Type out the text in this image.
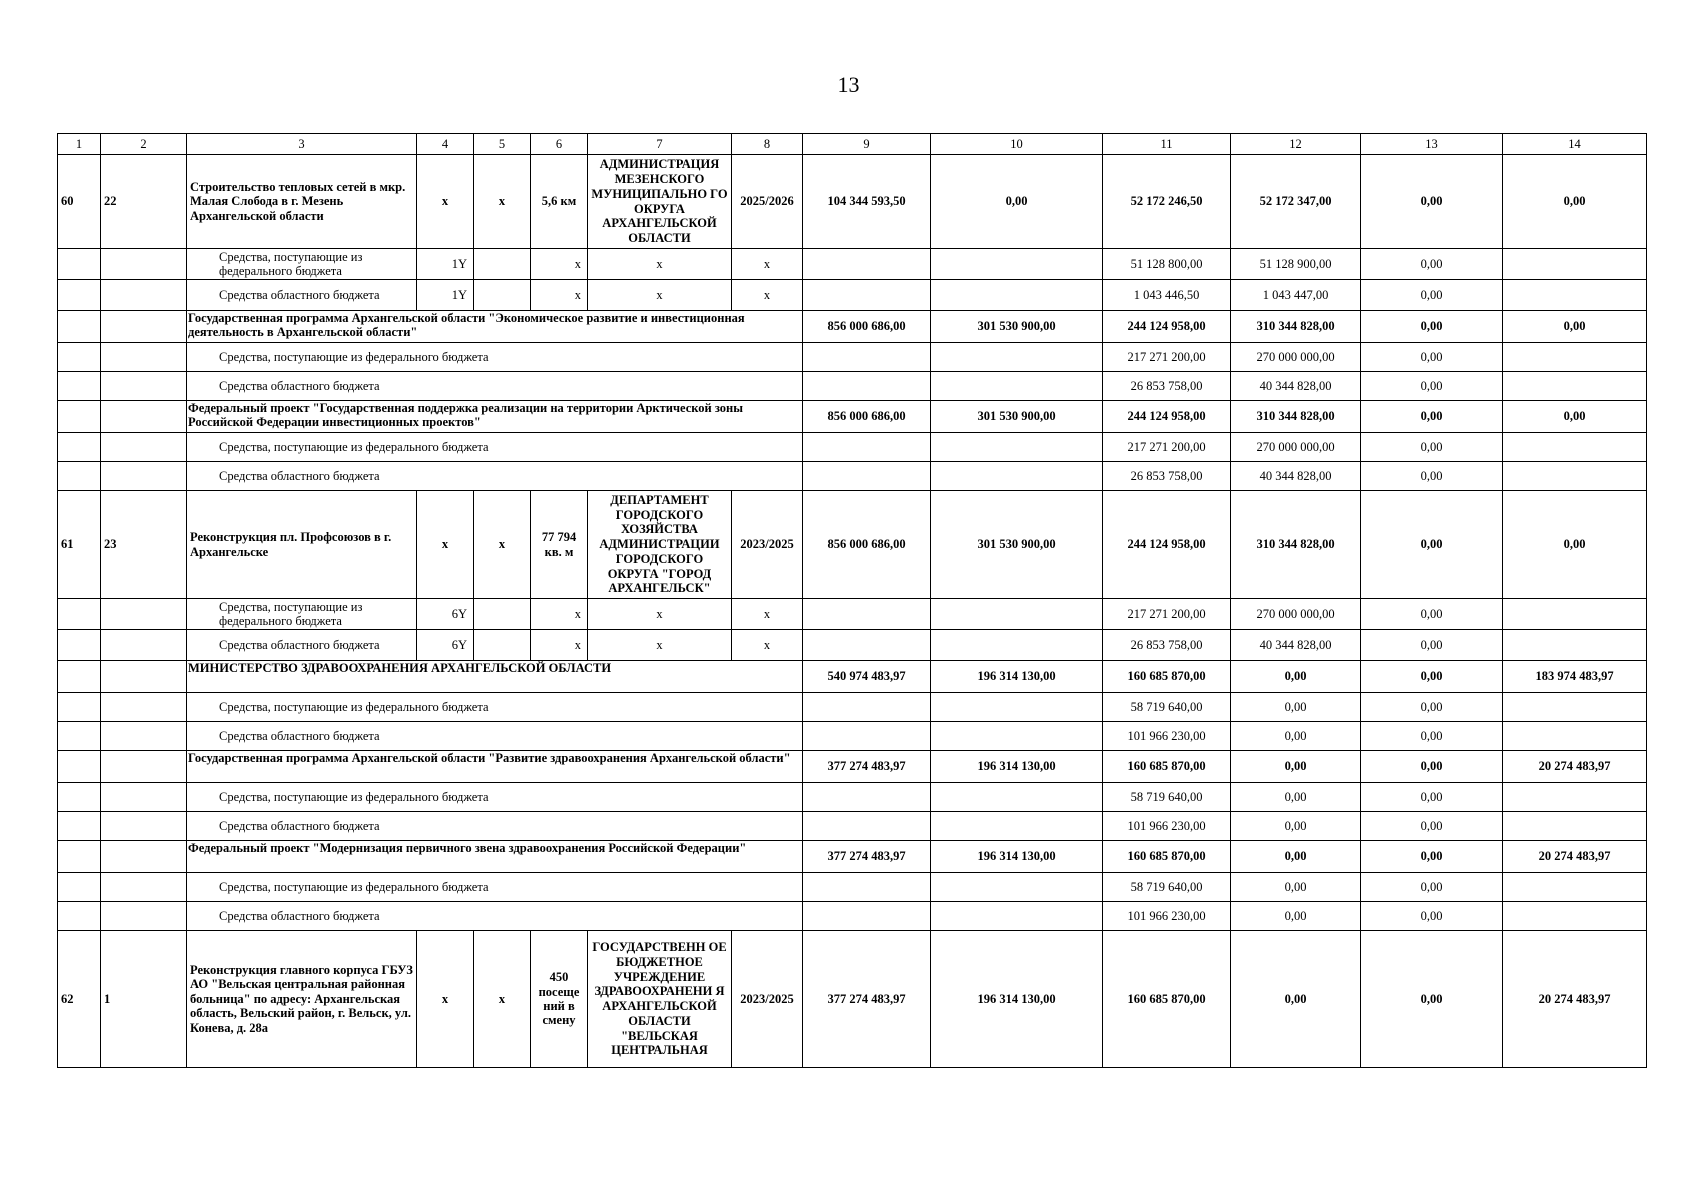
13
1	2	3	4	5	6	7	8	9	10	11	12	13	14
60	22	Строительство тепловых сетей в мкр. Малая Слобода в г. Мезень Архангельской области	x	x	5,6 км	АДМИНИСТРАЦИЯ МЕЗЕНСКОГО МУНИЦИПАЛЬНО ГО ОКРУГА АРХАНГЕЛЬСКОЙ ОБЛАСТИ	2025/2026	104 344 593,50	0,00	52 172 246,50	52 172 347,00	0,00	0,00
		Средства, поступающие из федерального бюджета	1Y		x	x	x			51 128 800,00	51 128 900,00	0,00	
		Средства областного бюджета	1Y		x	x	x			1 043 446,50	1 043 447,00	0,00	
		Государственная программа Архангельской области "Экономическое развитие и инвестиционная деятельность в Архангельской области"						856 000 686,00	301 530 900,00	244 124 958,00	310 344 828,00	0,00	0,00
		Средства, поступающие из федерального бюджета								217 271 200,00	270 000 000,00	0,00	
		Средства областного бюджета								26 853 758,00	40 344 828,00	0,00	
		Федеральный проект "Государственная поддержка реализации на территории Арктической зоны Российской Федерации инвестиционных проектов"						856 000 686,00	301 530 900,00	244 124 958,00	310 344 828,00	0,00	0,00
		Средства, поступающие из федерального бюджета								217 271 200,00	270 000 000,00	0,00	
		Средства областного бюджета								26 853 758,00	40 344 828,00	0,00	
61	23	Реконструкция пл. Профсоюзов в г. Архангельске	x	x	77 794 кв. м	ДЕПАРТАМЕНТ ГОРОДСКОГО ХОЗЯЙСТВА АДМИНИСТРАЦИИ ГОРОДСКОГО ОКРУГА "ГОРОД АРХАНГЕЛЬСК"	2023/2025	856 000 686,00	301 530 900,00	244 124 958,00	310 344 828,00	0,00	0,00
		Средства, поступающие из федерального бюджета	6Y		x	x	x			217 271 200,00	270 000 000,00	0,00	
		Средства областного бюджета	6Y		x	x	x			26 853 758,00	40 344 828,00	0,00	
		МИНИСТЕРСТВО ЗДРАВООХРАНЕНИЯ АРХАНГЕЛЬСКОЙ ОБЛАСТИ						540 974 483,97	196 314 130,00	160 685 870,00	0,00	0,00	183 974 483,97
		Средства, поступающие из федерального бюджета								58 719 640,00	0,00	0,00	
		Средства областного бюджета								101 966 230,00	0,00	0,00	
		Государственная программа Архангельской области "Развитие здравоохранения Архангельской области"						377 274 483,97	196 314 130,00	160 685 870,00	0,00	0,00	20 274 483,97
		Средства, поступающие из федерального бюджета								58 719 640,00	0,00	0,00	
		Средства областного бюджета								101 966 230,00	0,00	0,00	
		Федеральный проект "Модернизация первичного звена здравоохранения Российской Федерации"						377 274 483,97	196 314 130,00	160 685 870,00	0,00	0,00	20 274 483,97
		Средства, поступающие из федерального бюджета								58 719 640,00	0,00	0,00	
		Средства областного бюджета								101 966 230,00	0,00	0,00	
62	1	Реконструкция главного корпуса ГБУЗ АО "Вельская центральная районная больница" по адресу: Архангельская область, Вельский район, г. Вельск, ул. Конева, д. 28а	x	x	450 посеще ний в смену	ГОСУДАРСТВЕНН ОЕ БЮДЖЕТНОЕ УЧРЕЖДЕНИЕ ЗДРАВООХРАНЕНИ Я АРХАНГЕЛЬСКОЙ ОБЛАСТИ "ВЕЛЬСКАЯ ЦЕНТРАЛЬНАЯ	2023/2025	377 274 483,97	196 314 130,00	160 685 870,00	0,00	0,00	20 274 483,97
